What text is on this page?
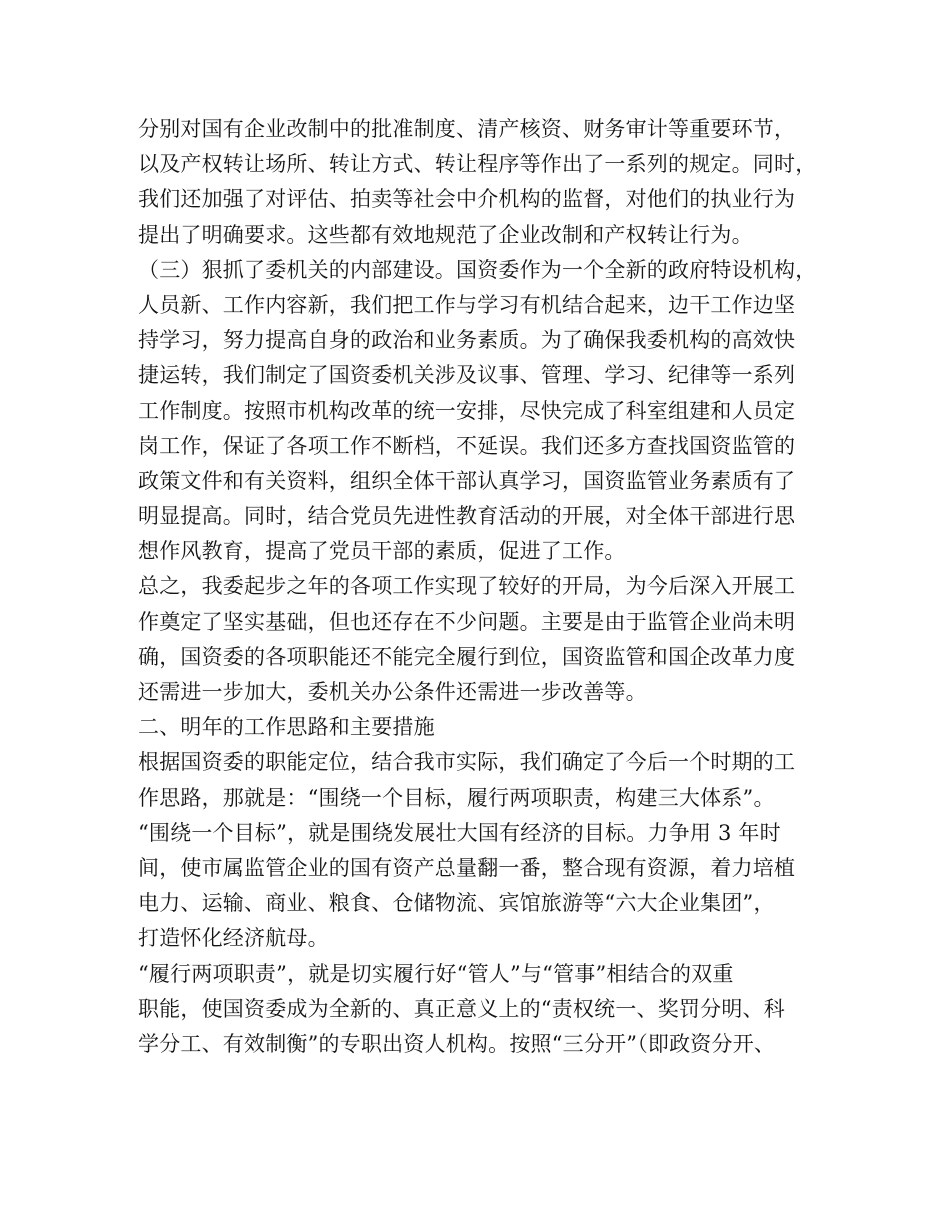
分别对国有企业改制中的批准制度、清产核资、财务审计等重要环节，
以及产权转让场所、转让方式、转让程序等作出了一系列的规定。同时，
我们还加强了对评估、拍卖等社会中介机构的监督，对他们的执业行为
提出了明确要求。这些都有效地规范了企业改制和产权转让行为。
（三）狠抓了委机关的内部建设。国资委作为一个全新的政府特设机构，
人员新、工作内容新，我们把工作与学习有机结合起来，边干工作边坚
持学习，努力提高自身的政治和业务素质。为了确保我委机构的高效快
捷运转，我们制定了国资委机关涉及议事、管理、学习、纪律等一系列
工作制度。按照市机构改革的统一安排，尽快完成了科室组建和人员定
岗工作，保证了各项工作不断档，不延误。我们还多方查找国资监管的
政策文件和有关资料，组织全体干部认真学习，国资监管业务素质有了
明显提高。同时，结合党员先进性教育活动的开展，对全体干部进行思
想作风教育，提高了党员干部的素质，促进了工作。
总之，我委起步之年的各项工作实现了较好的开局，为今后深入开展工
作奠定了坚实基础，但也还存在不少问题。主要是由于监管企业尚未明
确，国资委的各项职能还不能完全履行到位，国资监管和国企改革力度
还需进一步加大，委机关办公条件还需进一步改善等。
二、明年的工作思路和主要措施
根据国资委的职能定位，结合我市实际，我们确定了今后一个时期的工
作思路，那就是：“围绕一个目标，履行两项职责，构建三大体系”。
“围绕一个目标”，就是围绕发展壮大国有经济的目标。力争用 3 年时
间，使市属监管企业的国有资产总量翻一番，整合现有资源，着力培植
电力、运输、商业、粮食、仓储物流、宾馆旅游等“六大企业集团”，
打造怀化经济航母。
“履行两项职责”，就是切实履行好“管人”与“管事”相结合的双重
职能，使国资委成为全新的、真正意义上的“责权统一、奖罚分明、科
学分工、有效制衡”的专职出资人机构。按照“三分开”（即政资分开、
